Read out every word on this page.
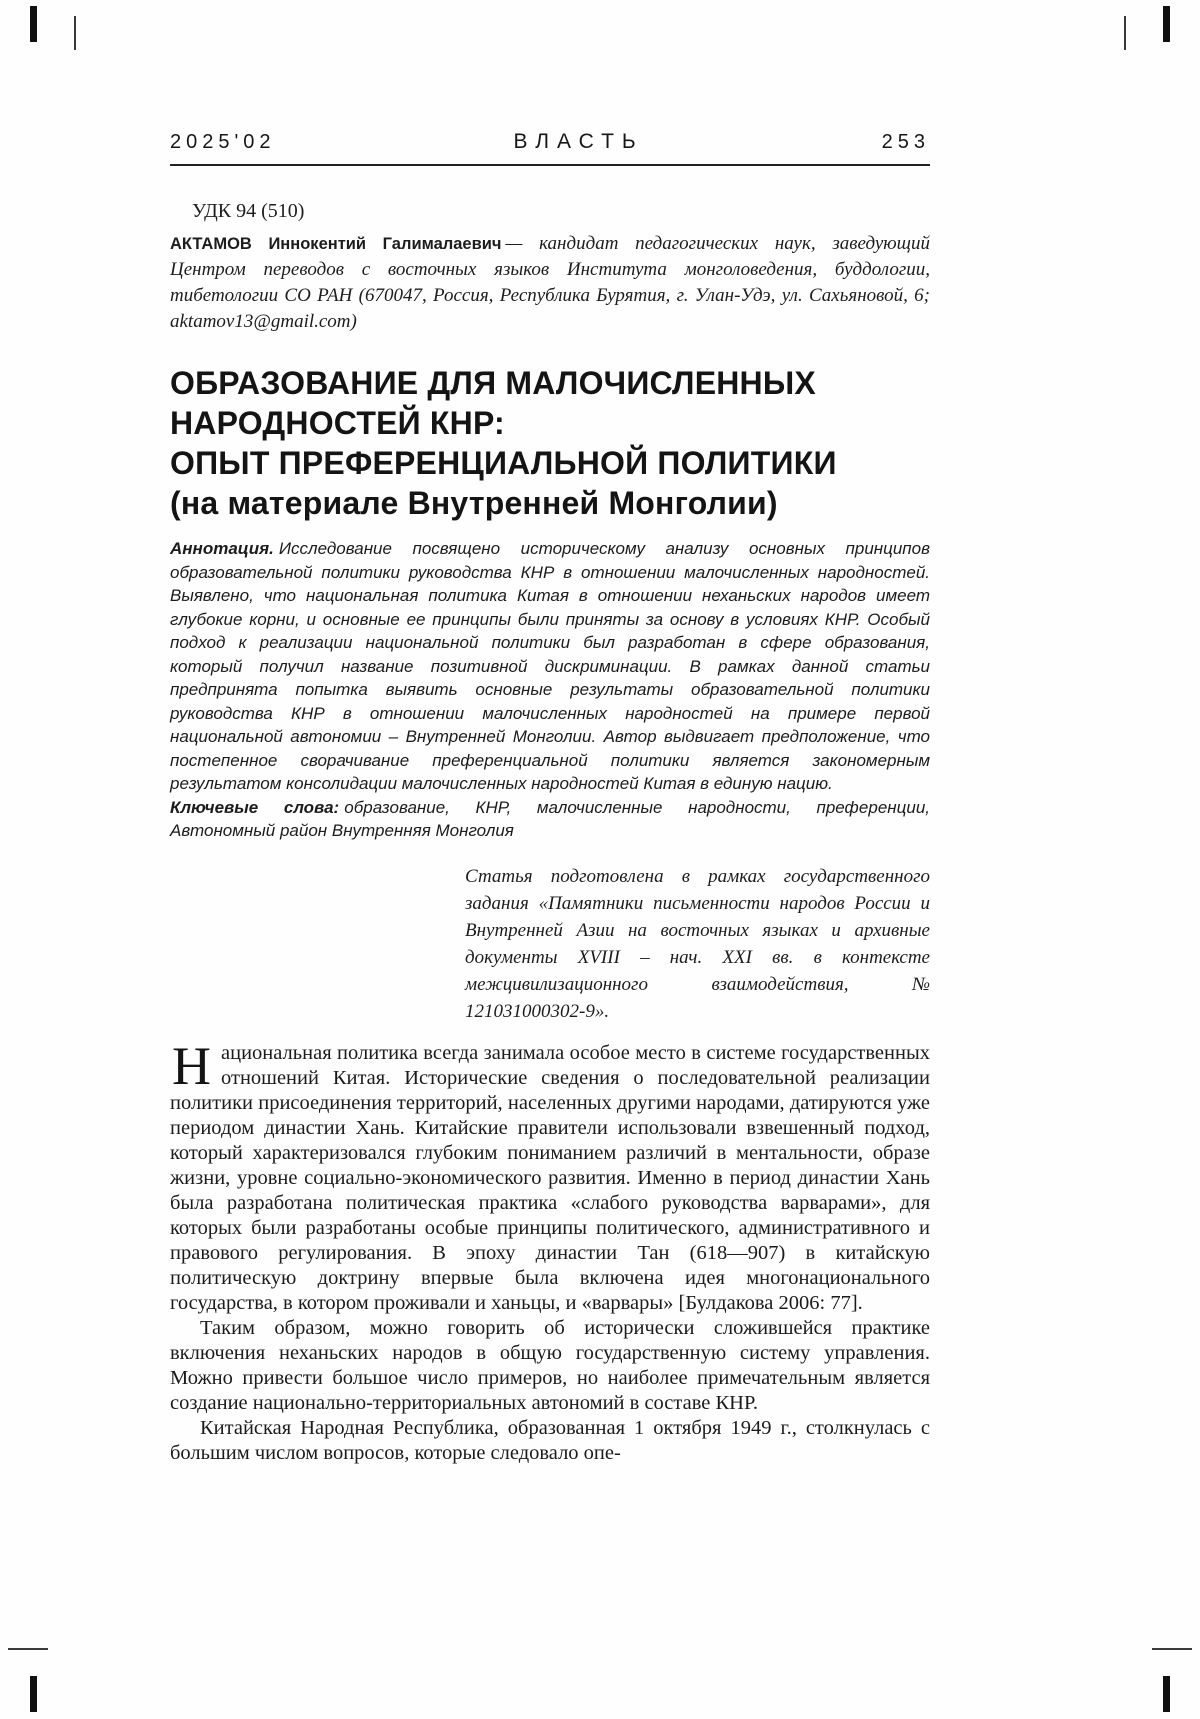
2025'02	ВЛАСТЬ	253
УДК 94 (510)

АКТАМОВ Иннокентий Галималаевич — кандидат педагогических наук, заведующий Центром переводов с восточных языков Института монголоведения, буддологии, тибетологии СО РАН (670047, Россия, Республика Бурятия, г. Улан-Удэ, ул. Сахьяновой, 6; aktamov13@gmail.com)

ОБРАЗОВАНИЕ ДЛЯ МАЛОЧИСЛЕННЫХ
НАРОДНОСТЕЙ КНР:
ОПЫТ ПРЕФЕРЕНЦИАЛЬНОЙ ПОЛИТИКИ
(на материале Внутренней Монголии)

Аннотация. Исследование посвящено историческому анализу основных принципов образовательной политики руководства КНР в отношении малочисленных народностей. Выявлено, что национальная политика Китая в отношении неханьских народов имеет глубокие корни, и основные ее принципы были приняты за основу в условиях КНР. Особый подход к реализации национальной политики был разработан в сфере образования, который получил название позитивной дискриминации. В рамках данной статьи предпринята попытка выявить основные результаты образовательной политики руководства КНР в отношении малочисленных народностей на примере первой национальной автономии – Внутренней Монголии. Автор выдвигает предположение, что постепенное сворачивание преференциальной политики является закономерным результатом консолидации малочисленных народностей Китая в единую нацию.

Ключевые слова: образование, КНР, малочисленные народности, преференции, Автономный район Внутренняя Монголия

Статья подготовлена в рамках государственного задания «Памятники письменности народов России и Внутренней Азии на восточных языках и архивные документы XVIII – нач. XXI вв. в контексте межцивилизационного взаимодействия, № 121031000302-9».

Национальная политика всегда занимала особое место в системе государственных отношений Китая. Исторические сведения о последовательной реализации политики присоединения территорий, населенных другими народами, датируются уже периодом династии Хань. Китайские правители использовали взвешенный подход, который характеризовался глубоким пониманием различий в ментальности, образе жизни, уровне социально-экономического развития. Именно в период династии Хань была разработана политическая практика «слабого руководства варварами», для которых были разработаны особые принципы политического, административного и правового регулирования. В эпоху династии Тан (618—907) в китайскую политическую доктрину впервые была включена идея многонационального государства, в котором проживали и ханьцы, и «варвары» [Булдакова 2006: 77].

Таким образом, можно говорить об исторически сложившейся практике включения неханьских народов в общую государственную систему управления. Можно привести большое число примеров, но наиболее примечательным является создание национально-территориальных автономий в составе КНР.

Китайская Народная Республика, образованная 1 октября 1949 г., столкнулась с большим числом вопросов, которые следовало опе-
